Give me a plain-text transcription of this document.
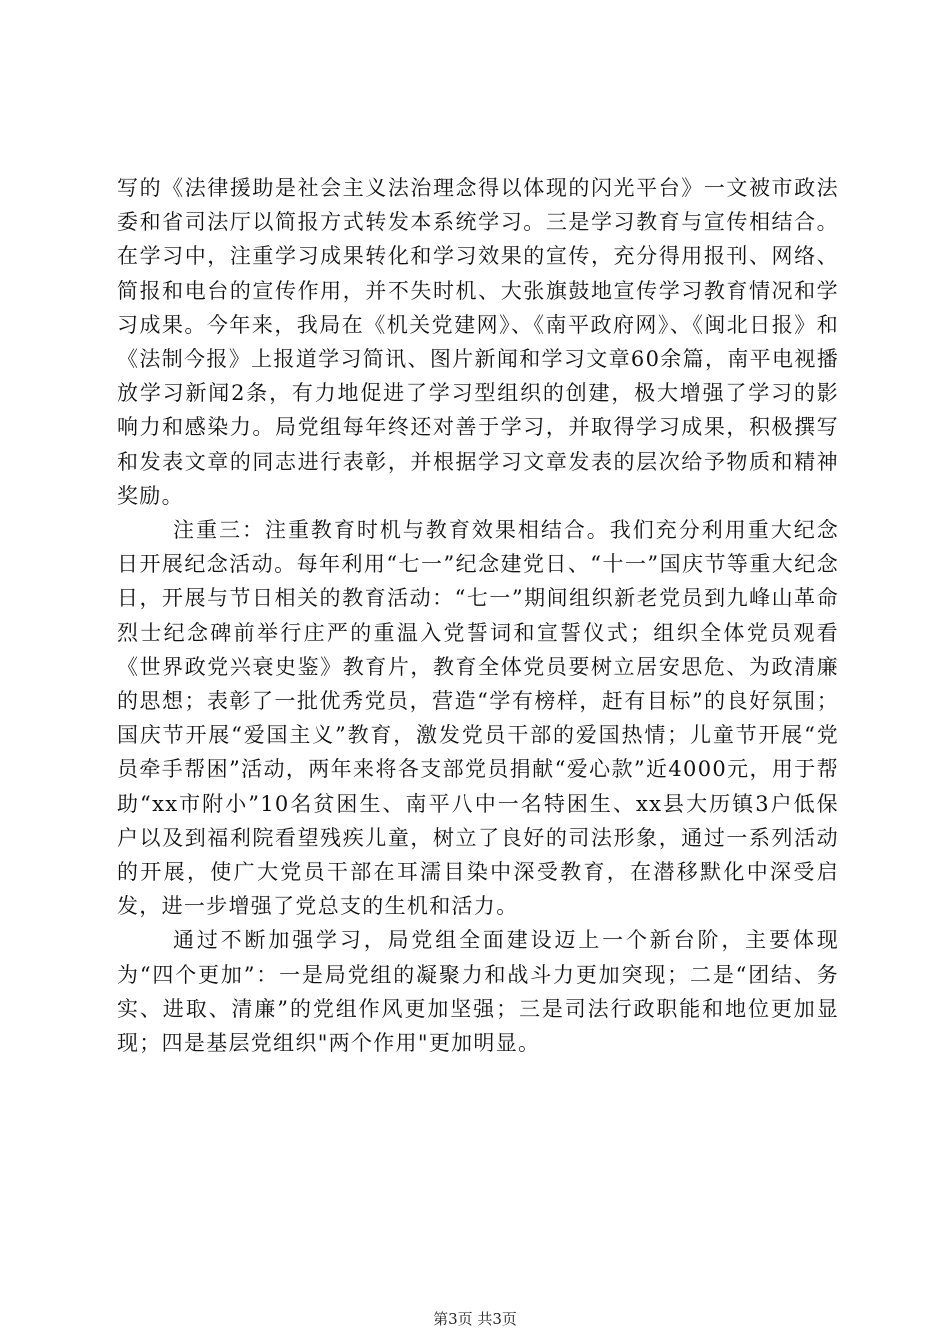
写的《法律援助是社会主义法治理念得以体现的闪光平台》一文被市政法委和省司法厅以简报方式转发本系统学习。三是学习教育与宣传相结合。在学习中，注重学习成果转化和学习效果的宣传，充分得用报刊、网络、简报和电台的宣传作用，并不失时机、大张旗鼓地宣传学习教育情况和学习成果。今年来，我局在《机关党建网》、《南平政府网》、《闽北日报》和《法制今报》上报道学习简讯、图片新闻和学习文章60余篇，南平电视播放学习新闻2条，有力地促进了学习型组织的创建，极大增强了学习的影响力和感染力。局党组每年终还对善于学习，并取得学习成果，积极撰写和发表文章的同志进行表彰，并根据学习文章发表的层次给予物质和精神奖励。

注重三：注重教育时机与教育效果相结合。我们充分利用重大纪念日开展纪念活动。每年利用“七一”纪念建党日、“十一”国庆节等重大纪念日，开展与节日相关的教育活动：“七一”期间组织新老党员到九峰山革命烈士纪念碑前举行庄严的重温入党誓词和宣誓仪式；组织全体党员观看《世界政党兴衰史鉴》教育片，教育全体党员要树立居安思危、为政清廉的思想；表彰了一批优秀党员，营造“学有榜样，赶有目标”的良好氛围；国庆节开展“爱国主义”教育，激发党员干部的爱国热情；儿童节开展“党员牵手帮困”活动，两年来将各支部党员捐献“爱心款”近4000元，用于帮助“xx市附小”10名贫困生、南平八中一名特困生、xx县大历镇3户低保户以及到福利院看望残疾儿童，树立了良好的司法形象，通过一系列活动的开展，使广大党员干部在耳濡目染中深受教育，在潜移默化中深受启发，进一步增强了党总支的生机和活力。

通过不断加强学习，局党组全面建设迈上一个新台阶，主要体现为“四个更加”：一是局党组的凝聚力和战斗力更加突现；二是“团结、务实、进取、清廉”的党组作风更加坚强；三是司法行政职能和地位更加显现；四是基层党组织"两个作用"更加明显。

第3页 共3页
